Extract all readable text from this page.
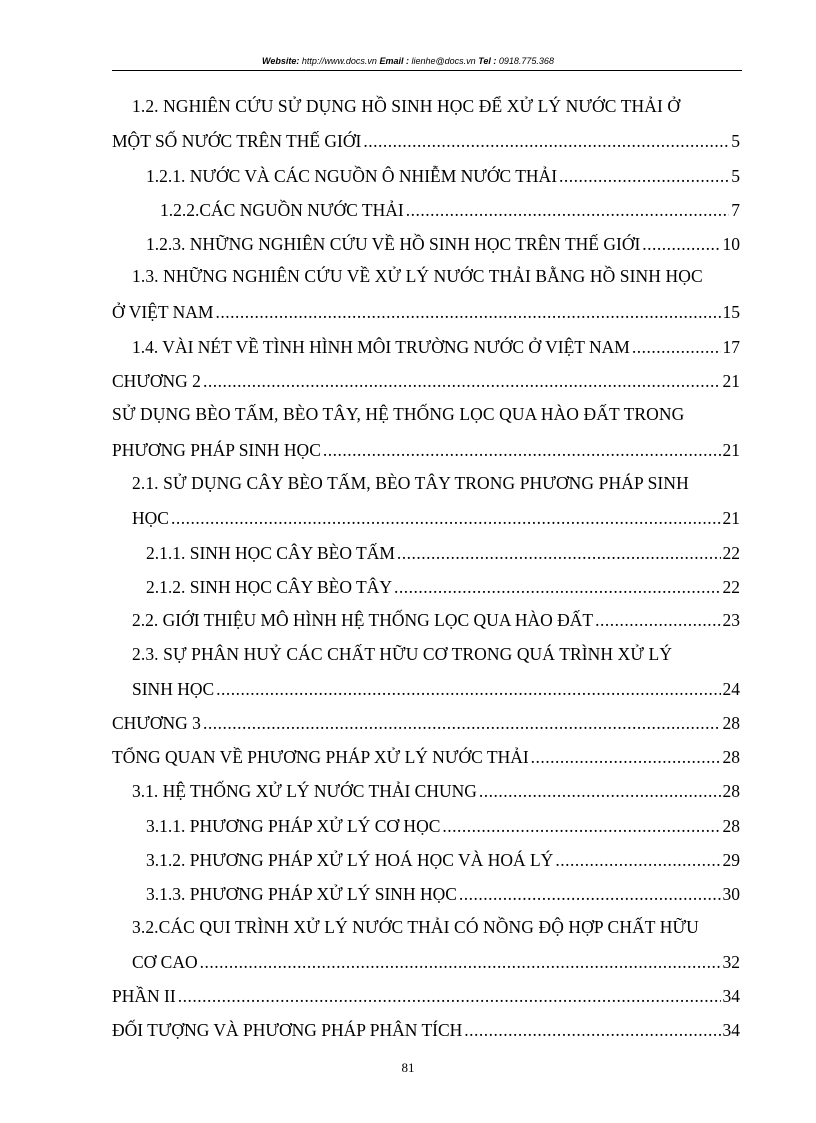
Website: http://www.docs.vn Email : lienhe@docs.vn Tel : 0918.775.368
1.2. NGHIÊN CỨU SỬ DỤNG HỒ SINH HỌC ĐỂ XỬ LÝ NƯỚC THẢI Ở
MỘT SỐ NƯỚC TRÊN THẾ GIỚI .....	5
1.2.1. NƯỚC VÀ CÁC NGUỒN Ô NHIỄM NƯỚC THẢI .....	5
1.2.2.CÁC NGUỒN NƯỚC THẢI .....	7
1.2.3. NHỮNG NGHIÊN CỨU VỀ HỒ SINH HỌC TRÊN THẾ GIỚI .....	10
1.3. NHỮNG NGHIÊN CỨU VỀ XỬ LÝ NƯỚC THẢI BẰNG HỒ SINH HỌC
Ở VIỆT NAM .....	15
1.4. VÀI NÉT VỀ TÌNH HÌNH MÔI TRƯỜNG NƯỚC Ở VIỆT NAM .....	17
CHƯƠNG 2 .....	21
SỬ DỤNG BÈO TẤM, BÈO TÂY, HỆ THỐNG LỌC QUA HÀO ĐẤT TRONG
PHƯƠNG PHÁP SINH HỌC .....	21
2.1. SỬ DỤNG CÂY BÈO TẤM, BÈO TÂY TRONG PHƯƠNG PHÁP SINH
HỌC .....	21
2.1.1. SINH HỌC CÂY BÈO TẤM .....	22
2.1.2. SINH HỌC CÂY BÈO TÂY .....	22
2.2. GIỚI THIỆU MÔ HÌNH HỆ THỐNG LỌC QUA HÀO ĐẤT .....	23
2.3. SỰ PHÂN HUỶ CÁC CHẤT HỮU CƠ TRONG QUÁ TRÌNH XỬ LÝ
SINH HỌC .....	24
CHƯƠNG 3 .....	28
TỔNG QUAN VỀ PHƯƠNG PHÁP XỬ LÝ NƯỚC THẢI .....	28
3.1. HỆ THỐNG XỬ LÝ NƯỚC THẢI CHUNG .....	28
3.1.1. PHƯƠNG PHÁP XỬ LÝ CƠ HỌC .....	28
3.1.2. PHƯƠNG PHÁP XỬ LÝ HOÁ HỌC VÀ HOÁ LÝ .....	29
3.1.3. PHƯƠNG PHÁP XỬ LÝ SINH HỌC .....	30
3.2.CÁC QUI TRÌNH XỬ LÝ NƯỚC THẢI CÓ NỒNG ĐỘ HỢP CHẤT HỮU
CƠ CAO .....	32
PHẦN II .....	34
ĐỐI TƯỢNG VÀ PHƯƠNG PHÁP PHÂN TÍCH .....	34
81
